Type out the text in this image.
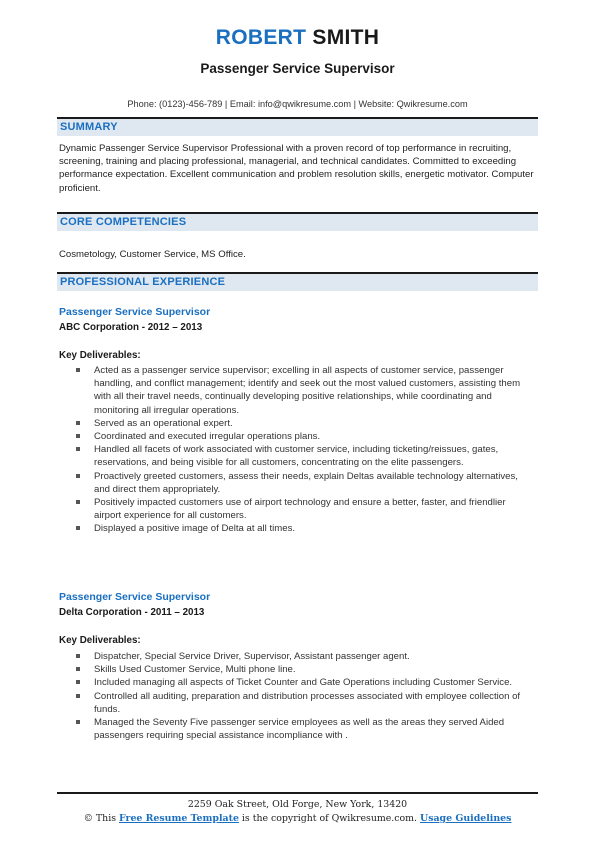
ROBERT SMITH
Passenger Service Supervisor
Phone: (0123)-456-789 | Email: info@qwikresume.com | Website: Qwikresume.com
SUMMARY
Dynamic Passenger Service Supervisor Professional with a proven record of top performance in recruiting, screening, training and placing professional, managerial, and technical candidates. Committed to exceeding performance expectation. Excellent communication and problem resolution skills, energetic motivator. Computer proficient.
CORE COMPETENCIES
Cosmetology, Customer Service, MS Office.
PROFESSIONAL EXPERIENCE
Passenger Service Supervisor
ABC Corporation - 2012 – 2013
Key Deliverables:
Acted as a passenger service supervisor; excelling in all aspects of customer service, passenger handling, and conflict management; identify and seek out the most valued customers, assisting them with all their travel needs, continually developing positive relationships, while coordinating and monitoring all irregular operations.
Served as an operational expert.
Coordinated and executed irregular operations plans.
Handled all facets of work associated with customer service, including ticketing/reissues, gates, reservations, and being visible for all customers, concentrating on the elite passengers.
Proactively greeted customers, assess their needs, explain Deltas available technology alternatives, and direct them appropriately.
Positively impacted customers use of airport technology and ensure a better, faster, and friendlier airport experience for all customers.
Displayed a positive image of Delta at all times.
Passenger Service Supervisor
Delta Corporation - 2011 – 2013
Key Deliverables:
Dispatcher, Special Service Driver, Supervisor, Assistant passenger agent.
Skills Used Customer Service, Multi phone line.
Included managing all aspects of Ticket Counter and Gate Operations including Customer Service.
Controlled all auditing, preparation and distribution processes associated with employee collection of funds.
Managed the Seventy Five passenger service employees as well as the areas they served Aided passengers requiring special assistance incompliance with .
2259 Oak Street, Old Forge, New York, 13420
© This Free Resume Template is the copyright of Qwikresume.com. Usage Guidelines
